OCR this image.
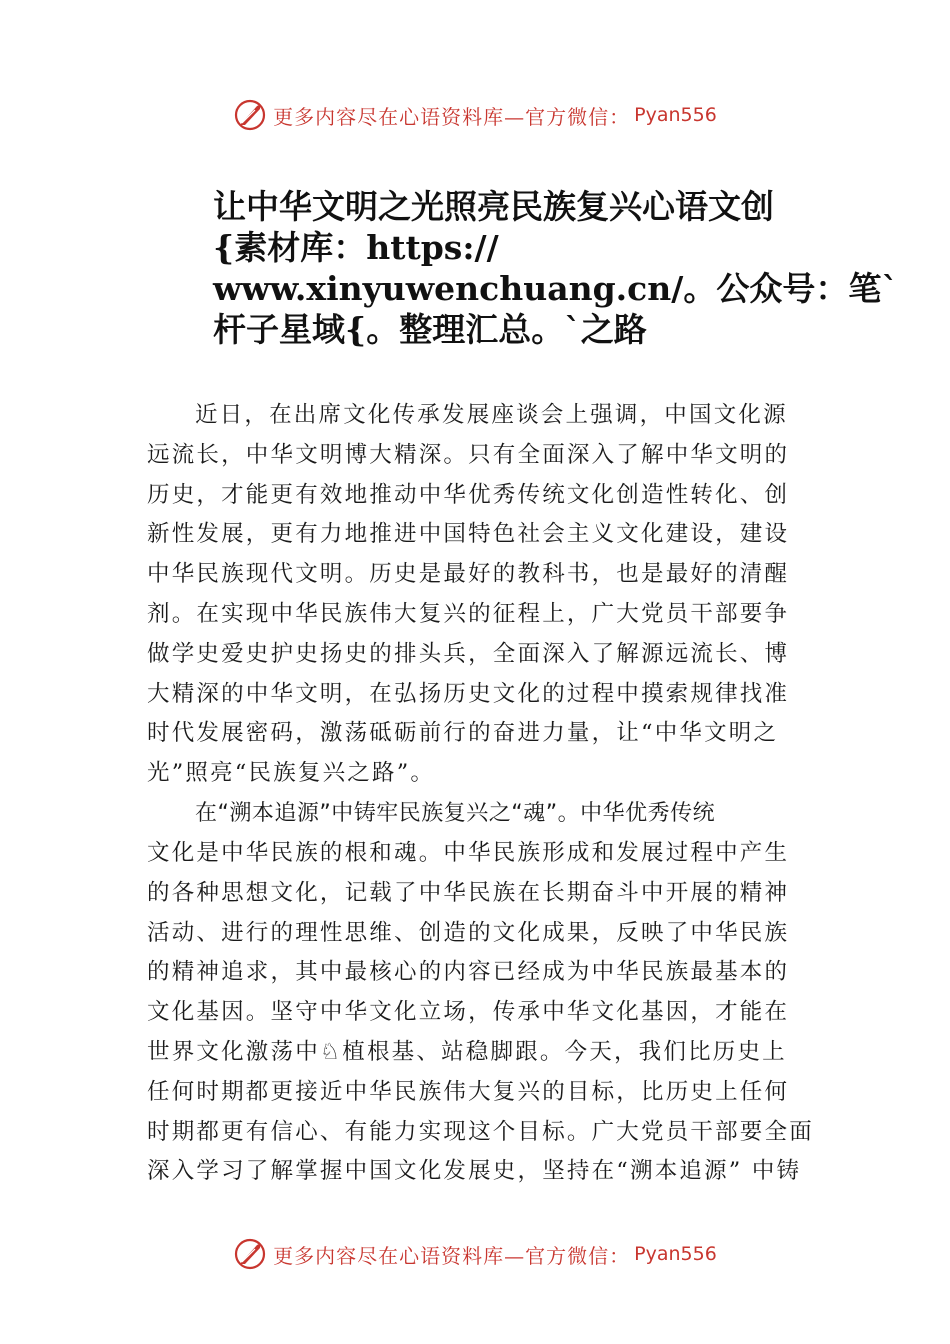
更多内容尽在心语资料库—官方微信： Pyan556
让中华文明之光照亮民族复兴心语文创
{素材库：https://
www.xinyuwenchuang.cn/。公众号：笔`
杆子星域{。整理汇总。`之路

近日，在出席文化传承发展座谈会上强调，中国文化源
远流长，中华文明博大精深。只有全面深入了解中华文明的
历史，才能更有效地推动中华优秀传统文化创造性转化、创
新性发展，更有力地推进中国特色社会主义文化建设，建设
中华民族现代文明。历史是最好的教科书，也是最好的清醒
剂。在实现中华民族伟大复兴的征程上，广大党员干部要争
做学史爱史护史扬史的排头兵，全面深入了解源远流长、博
大精深的中华文明，在弘扬历史文化的过程中摸索规律找准
时代发展密码，激荡砥砺前行的奋进力量，让“中华文明之
光”照亮“民族复兴之路”。

在“溯本追源”中铸牢民族复兴之“魂”。中华优秀传统

文化是中华民族的根和魂。中华民族形成和发展过程中产生
的各种思想文化，记载了中华民族在长期奋斗中开展的精神
活动、进行的理性思维、创造的文化成果，反映了中华民族
的精神追求，其中最核心的内容已经成为中华民族最基本的
文化基因。坚守中华文化立场，传承中华文化基因，才能在
世界文化激荡中♘植根基、站稳脚跟。今天，我们比历史上
任何时期都更接近中华民族伟大复兴的目标，比历史上任何
时期都更有信心、有能力实现这个目标。广大党员干部要全面
深入学习了解掌握中国文化发展史，坚持在“溯本追源” 中铸

更多内容尽在心语资料库—官方微信： Pyan556
